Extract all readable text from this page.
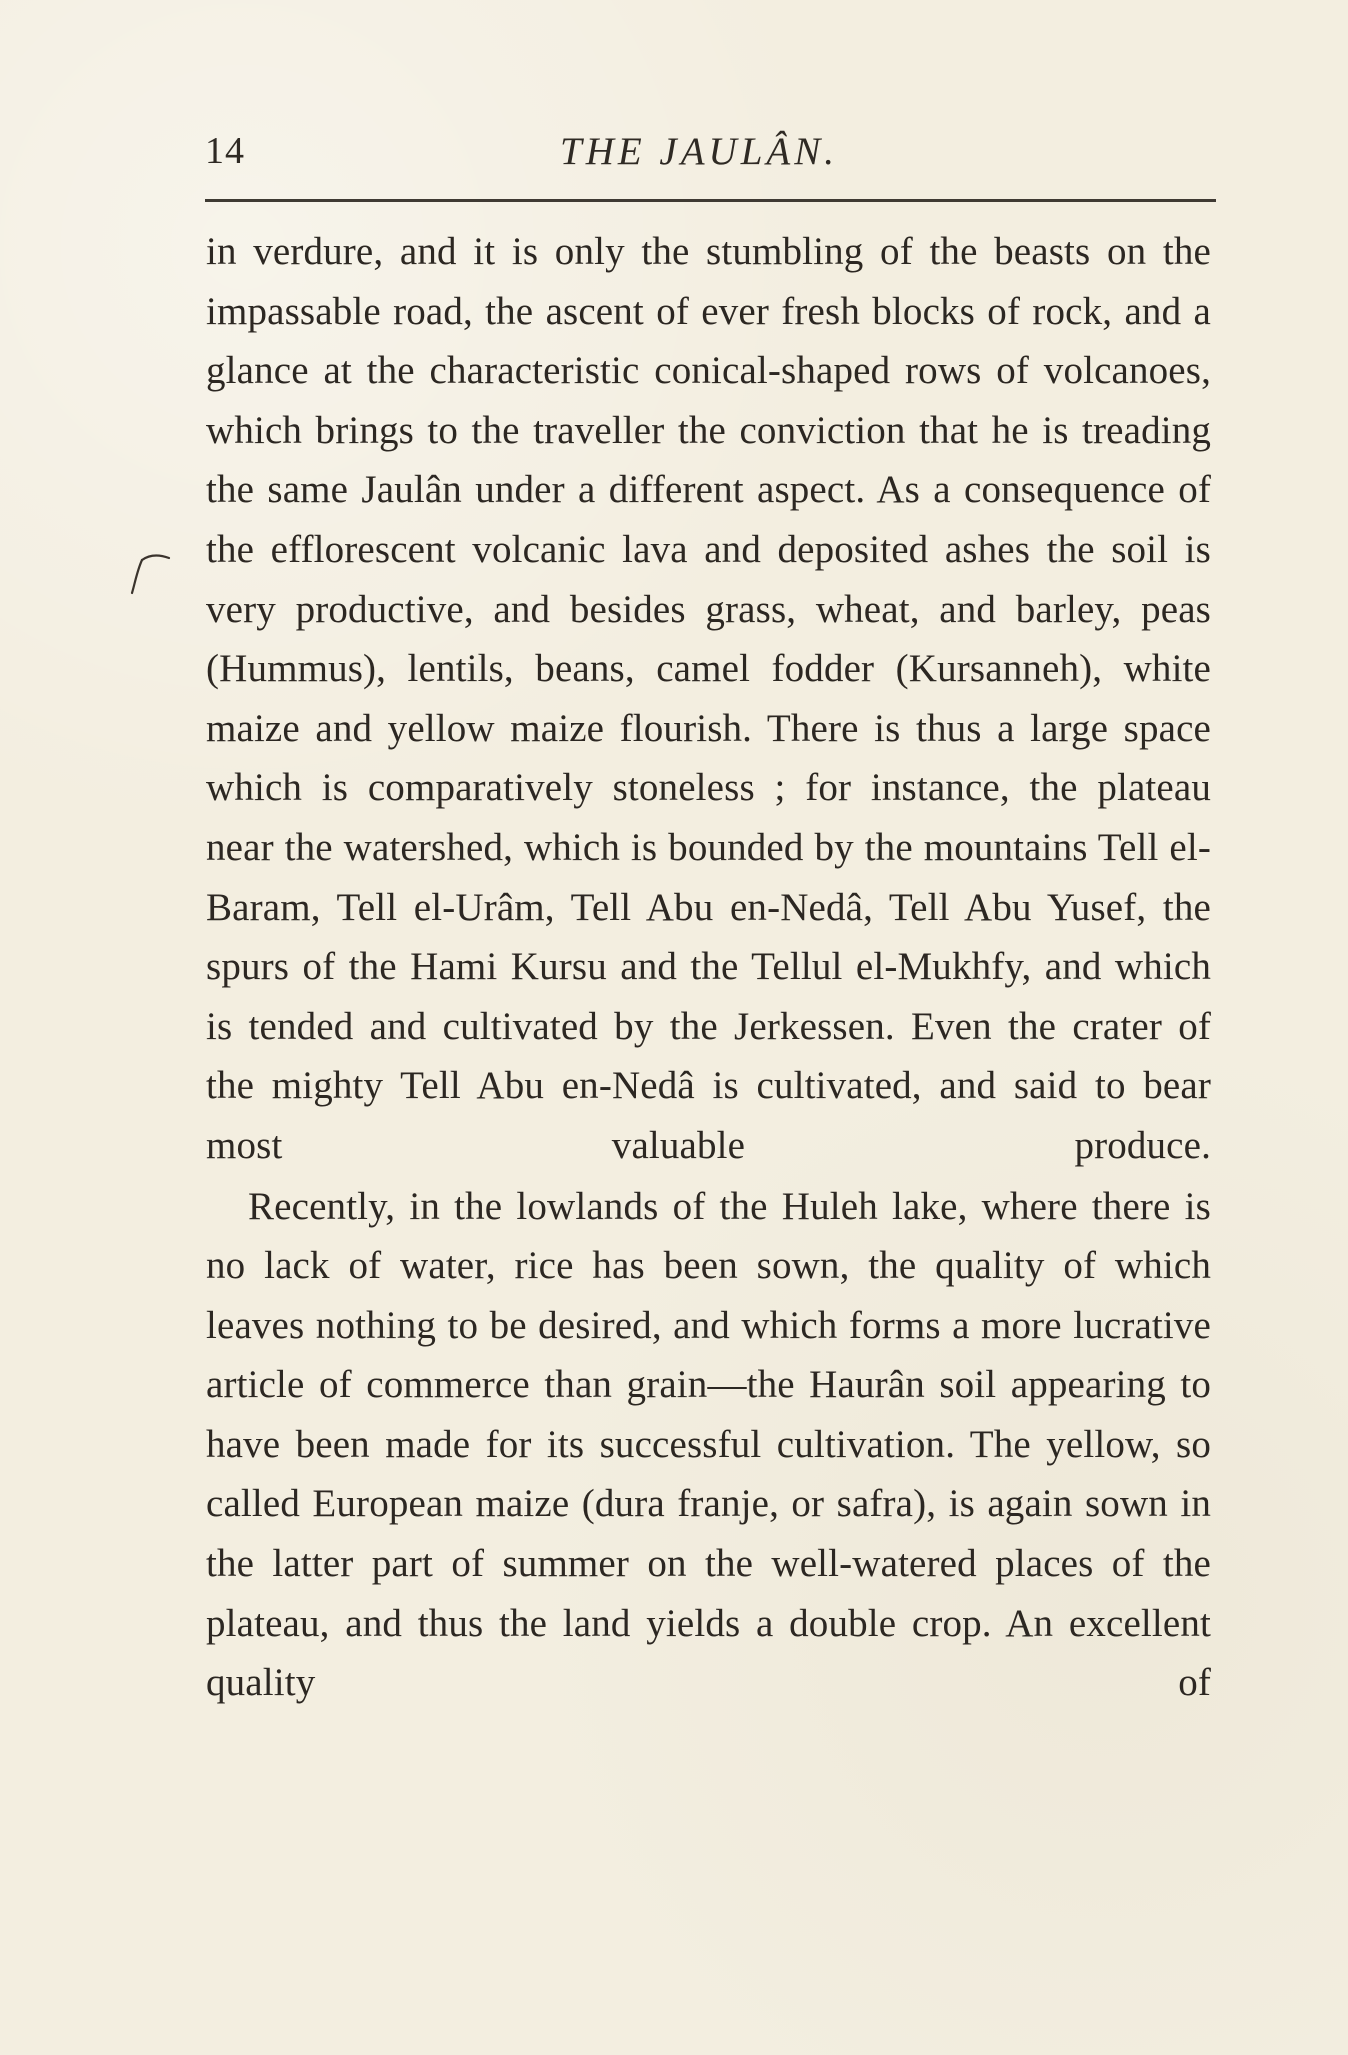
14	THE JAULÂN.

in verdure, and it is only the stumbling of the beasts on the impassable road, the ascent of ever fresh blocks of rock, and a glance at the characteristic conical-shaped rows of volcanoes, which brings to the traveller the conviction that he is treading the same Jaulân under a different aspect. As a consequence of the efflorescent volcanic lava and deposited ashes the soil is very productive, and besides grass, wheat, and barley, peas (Hummus), lentils, beans, camel fodder (Kursanneh), white maize and yellow maize flourish. There is thus a large space which is comparatively stoneless ; for instance, the plateau near the watershed, which is bounded by the mountains Tell el-Baram, Tell el-Urâm, Tell Abu en-Nedâ, Tell Abu Yusef, the spurs of the Hami Kursu and the Tellul el-Mukhfy, and which is tended and cultivated by the Jerkessen. Even the crater of the mighty Tell Abu en-Nedâ is cultivated, and said to bear most valuable produce.

Recently, in the lowlands of the Huleh lake, where there is no lack of water, rice has been sown, the quality of which leaves nothing to be desired, and which forms a more lucrative article of commerce than grain—the Haurân soil appearing to have been made for its successful cultivation. The yellow, so called European maize (dura franje, or safra), is again sown in the latter part of summer on the well-watered places of the plateau, and thus the land yields a double crop. An excellent quality of
